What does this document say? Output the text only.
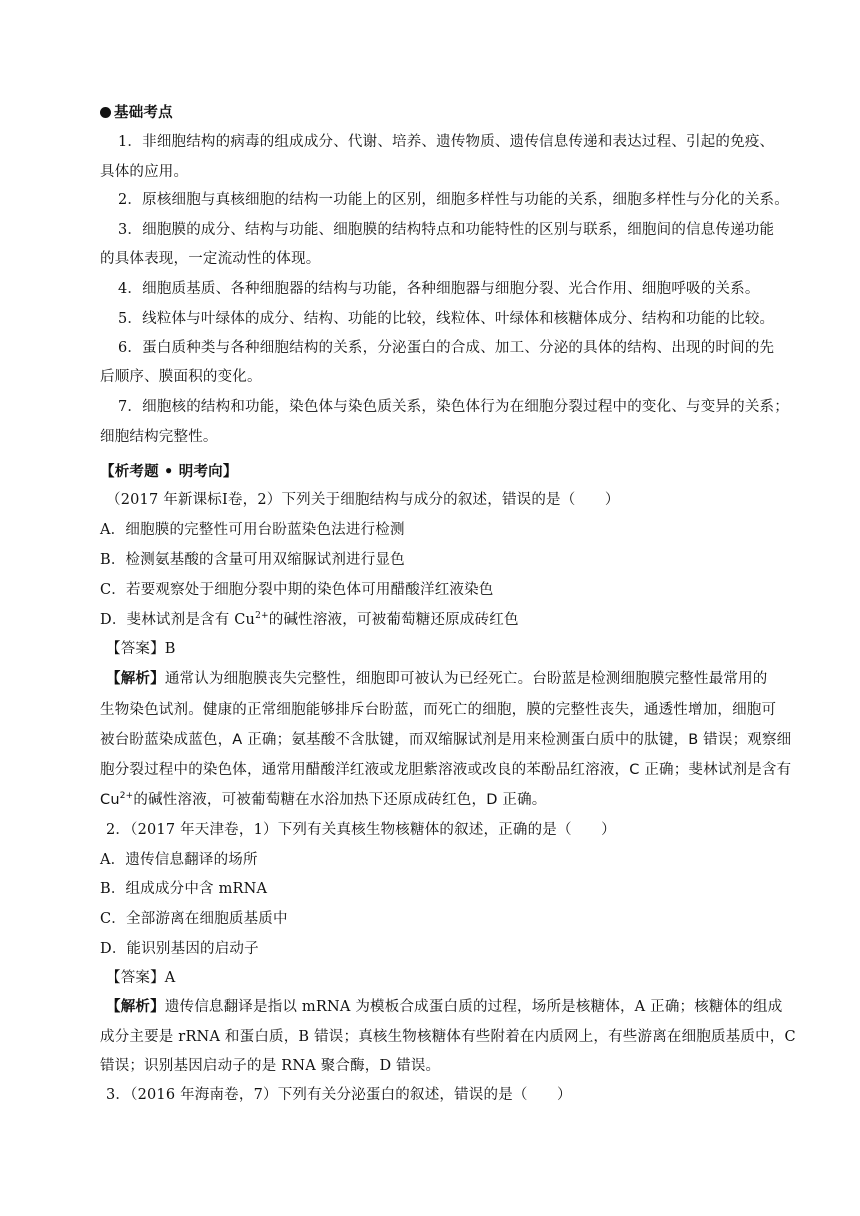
基础考点
1．非细胞结构的病毒的组成成分、代谢、培养、遗传物质、遗传信息传递和表达过程、引起的免疫、
具体的应用。
2．原核细胞与真核细胞的结构一功能上的区别，细胞多样性与功能的关系，细胞多样性与分化的关系。
3．细胞膜的成分、结构与功能、细胞膜的结构特点和功能特性的区别与联系，细胞间的信息传递功能
的具体表现，一定流动性的体现。
4．细胞质基质、各种细胞器的结构与功能，各种细胞器与细胞分裂、光合作用、细胞呼吸的关系。
5．线粒体与叶绿体的成分、结构、功能的比较，线粒体、叶绿体和核糖体成分、结构和功能的比较。
6．蛋白质种类与各种细胞结构的关系，分泌蛋白的合成、加工、分泌的具体的结构、出现的时间的先
后顺序、膜面积的变化。
7．细胞核的结构和功能，染色体与染色质关系，染色体行为在细胞分裂过程中的变化、与变异的关系；
细胞结构完整性。
【析考题 • 明考向】
（2017 年新课标Ⅰ卷，2）下列关于细胞结构与成分的叙述，错误的是（　　）
A．细胞膜的完整性可用台盼蓝染色法进行检测
B．检测氨基酸的含量可用双缩脲试剂进行显色
C．若要观察处于细胞分裂中期的染色体可用醋酸洋红液染色
D．斐林试剂是含有 $Cu^{2+}$的碱性溶液，可被葡萄糖还原成砖红色
【答案】B
【解析】通常认为细胞膜丧失完整性，细胞即可被认为已经死亡。台盼蓝是检测细胞膜完整性最常用的
生物染色试剂。健康的正常细胞能够排斥台盼蓝，而死亡的细胞，膜的完整性丧失，通透性增加，细胞可
被台盼蓝染成蓝色，A 正确；氨基酸不含肽键，而双缩脲试剂是用来检测蛋白质中的肽键，B 错误；观察细
胞分裂过程中的染色体，通常用醋酸洋红液或龙胆紫溶液或改良的苯酚品红溶液，C 正确；斐林试剂是含有
$Cu^{2+}$的碱性溶液，可被葡萄糖在水浴加热下还原成砖红色，D 正确。
2．（2017 年天津卷，1）下列有关真核生物核糖体的叙述，正确的是（　　）
A．遗传信息翻译的场所
B．组成成分中含 mRNA
C．全部游离在细胞质基质中
D．能识别基因的启动子
【答案】A
【解析】遗传信息翻译是指以 mRNA 为模板合成蛋白质的过程，场所是核糖体，A 正确；核糖体的组成
成分主要是 rRNA 和蛋白质，B 错误；真核生物核糖体有些附着在内质网上，有些游离在细胞质基质中，C
错误；识别基因启动子的是 RNA 聚合酶，D 错误。
3．（2016 年海南卷，7）下列有关分泌蛋白的叙述，错误的是（　　）
